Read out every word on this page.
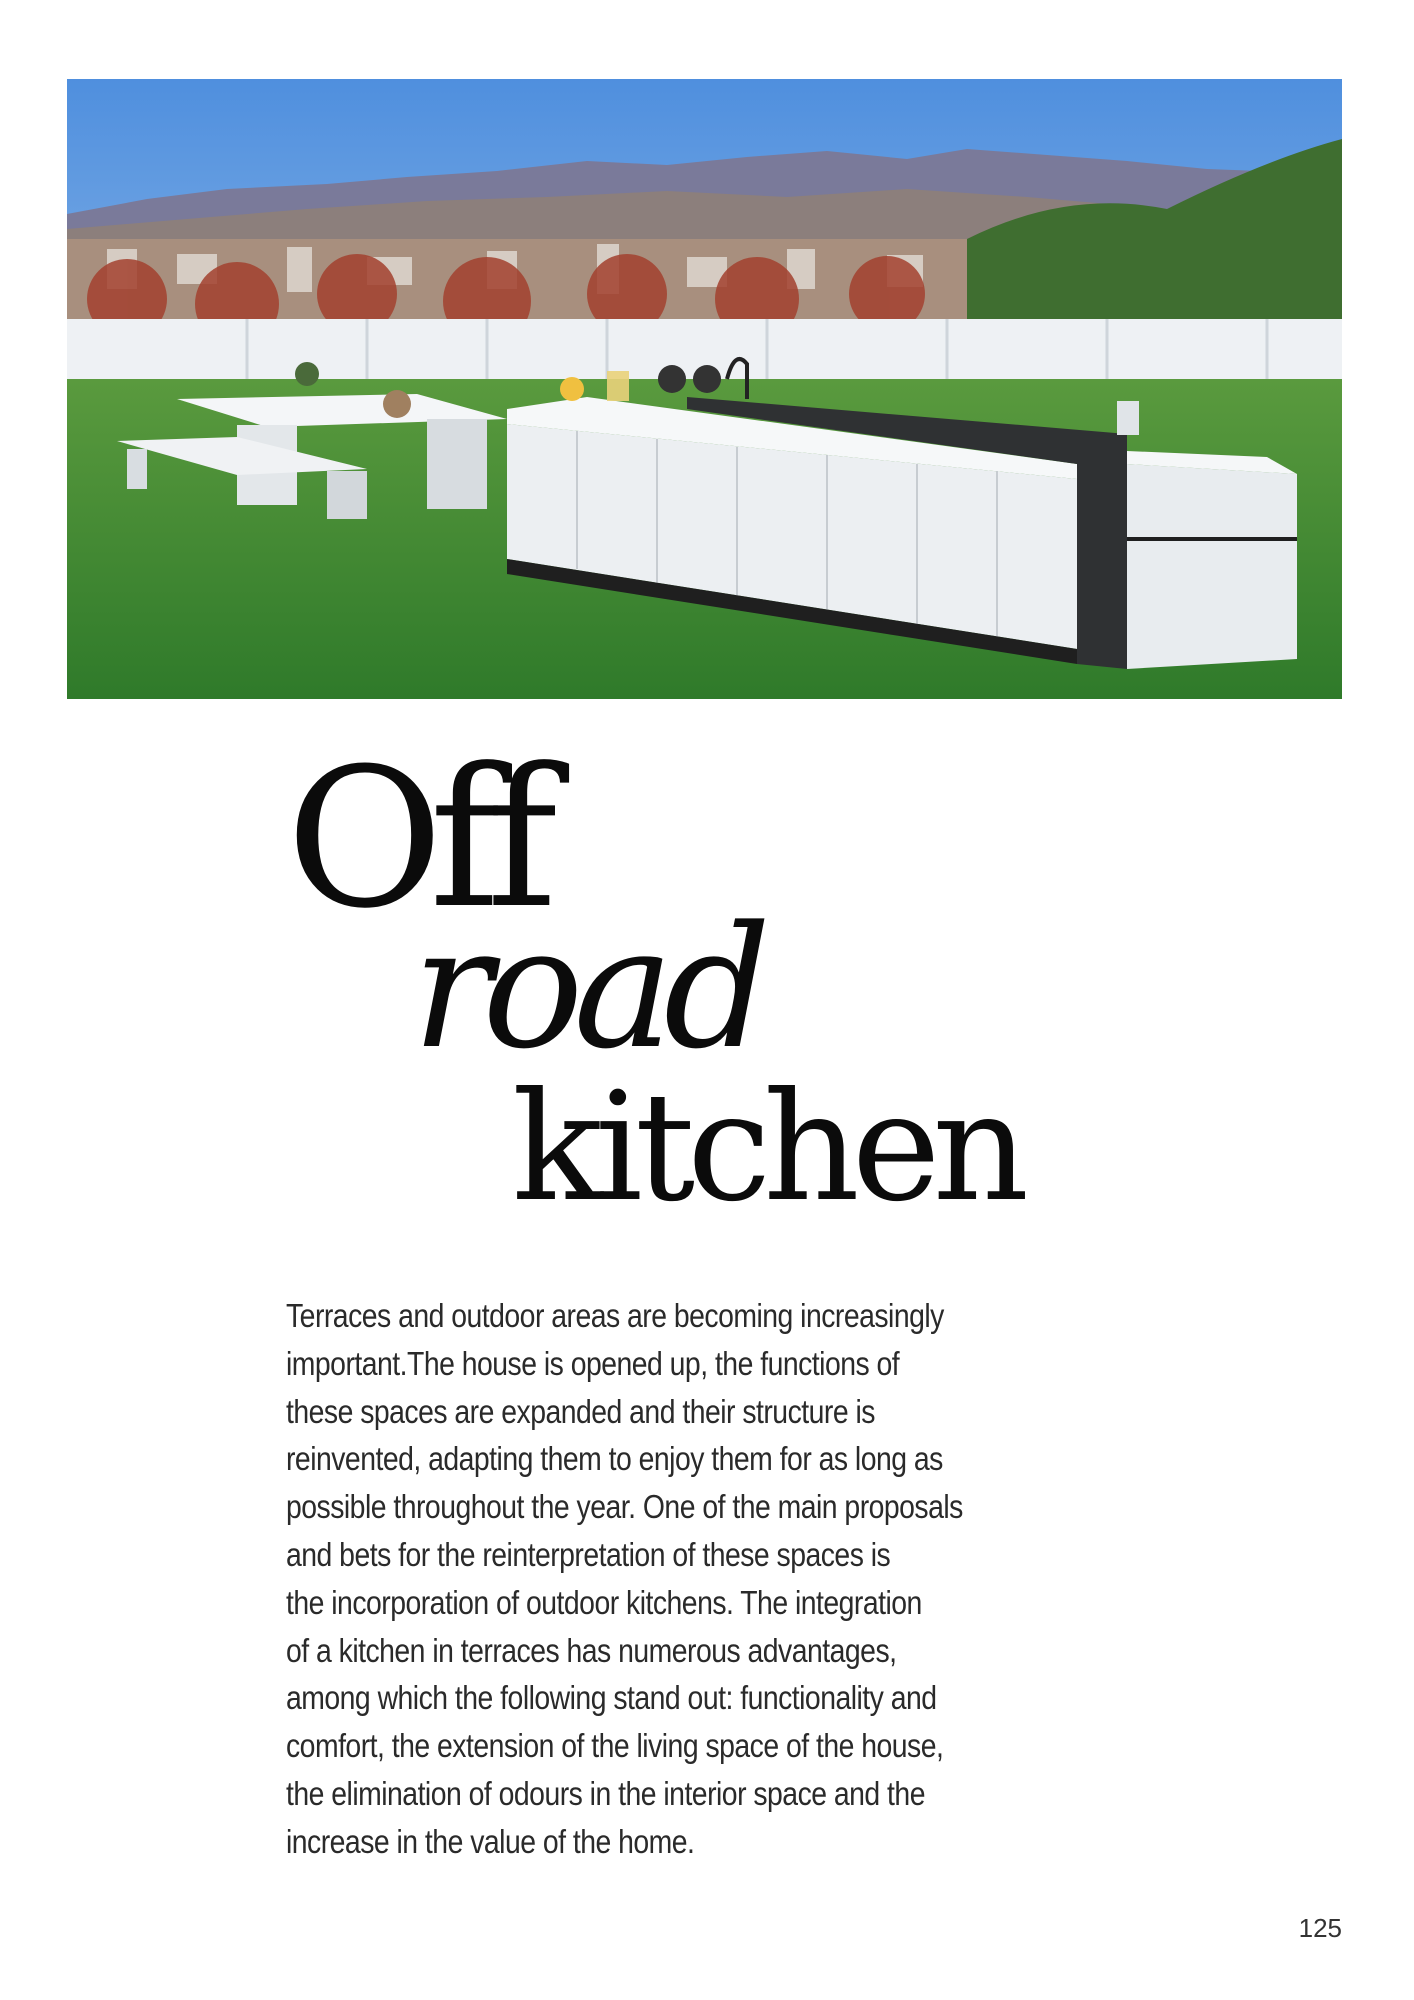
Off
road
kitchen

Terraces and outdoor areas are becoming increasingly
important.The house is opened up, the functions of
these spaces are expanded and their structure is
reinvented, adapting them to enjoy them for as long as
possible throughout the year. One of the main proposals
and bets for the reinterpretation of these spaces is
the incorporation of outdoor kitchens. The integration
of a kitchen in terraces has numerous advantages,
among which the following stand out: functionality and
comfort, the extension of the living space of the house,
the elimination of odours in the interior space and the
increase in the value of the home.

125
